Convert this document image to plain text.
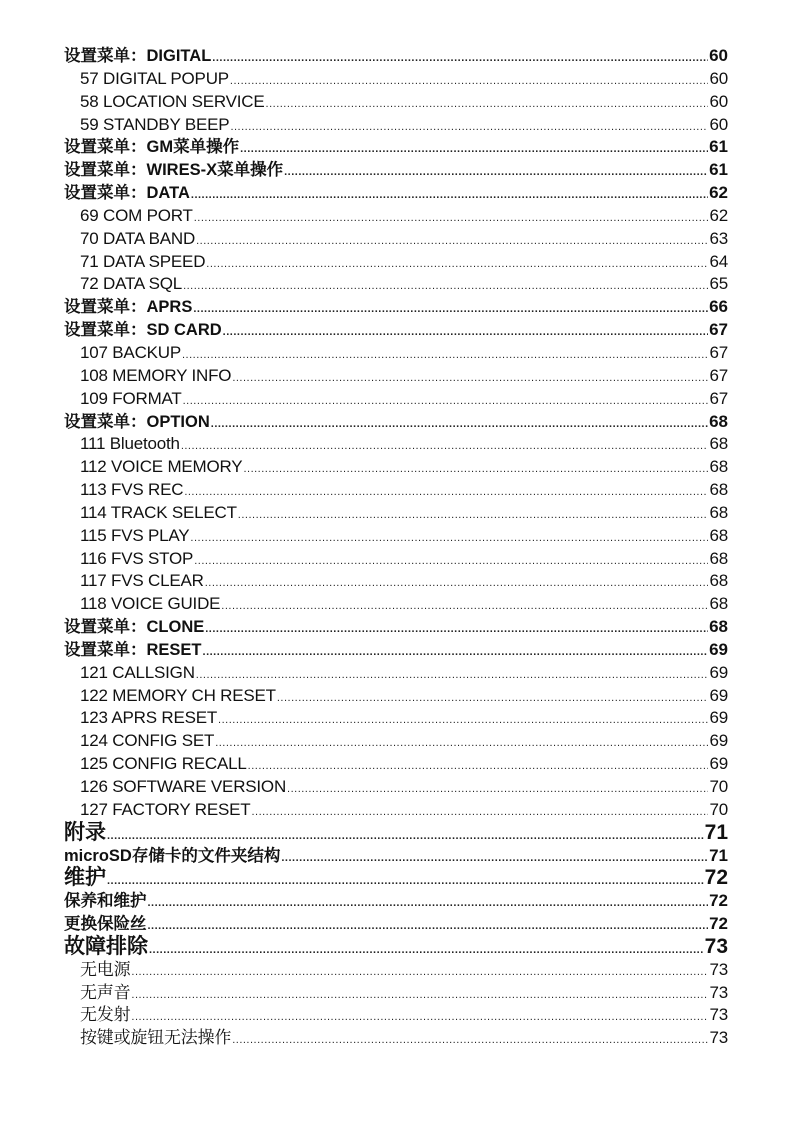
设置菜单：DIGITAL .....	60
57 DIGITAL POPUP .....	60
58 LOCATION SERVICE .....	60
59 STANDBY BEEP .....	60
设置菜单：GM菜单操作 .....	61
设置菜单：WIRES-X菜单操作 .....	61
设置菜单：DATA .....	62
69 COM PORT .....	62
70 DATA BAND .....	63
71 DATA SPEED .....	64
72 DATA SQL .....	65
设置菜单：APRS .....	66
设置菜单：SD CARD .....	67
107 BACKUP .....	67
108 MEMORY INFO .....	67
109 FORMAT .....	67
设置菜单：OPTION .....	68
111 Bluetooth .....	68
112 VOICE MEMORY .....	68
113 FVS REC .....	68
114 TRACK SELECT .....	68
115 FVS PLAY .....	68
116 FVS STOP .....	68
117 FVS CLEAR .....	68
118 VOICE GUIDE .....	68
设置菜单：CLONE .....	68
设置菜单：RESET .....	69
121 CALLSIGN .....	69
122 MEMORY CH RESET .....	69
123 APRS RESET .....	69
124 CONFIG SET .....	69
125 CONFIG RECALL .....	69
126 SOFTWARE VERSION .....	70
127 FACTORY RESET .....	70
附录 .....	71
microSD存储卡的文件夹结构 .....	71
维护 .....	72
保养和维护 .....	72
更换保险丝 .....	72
故障排除 .....	73
无电源 .....	73
无声音 .....	73
无发射 .....	73
按键或旋钮无法操作 .....	73
